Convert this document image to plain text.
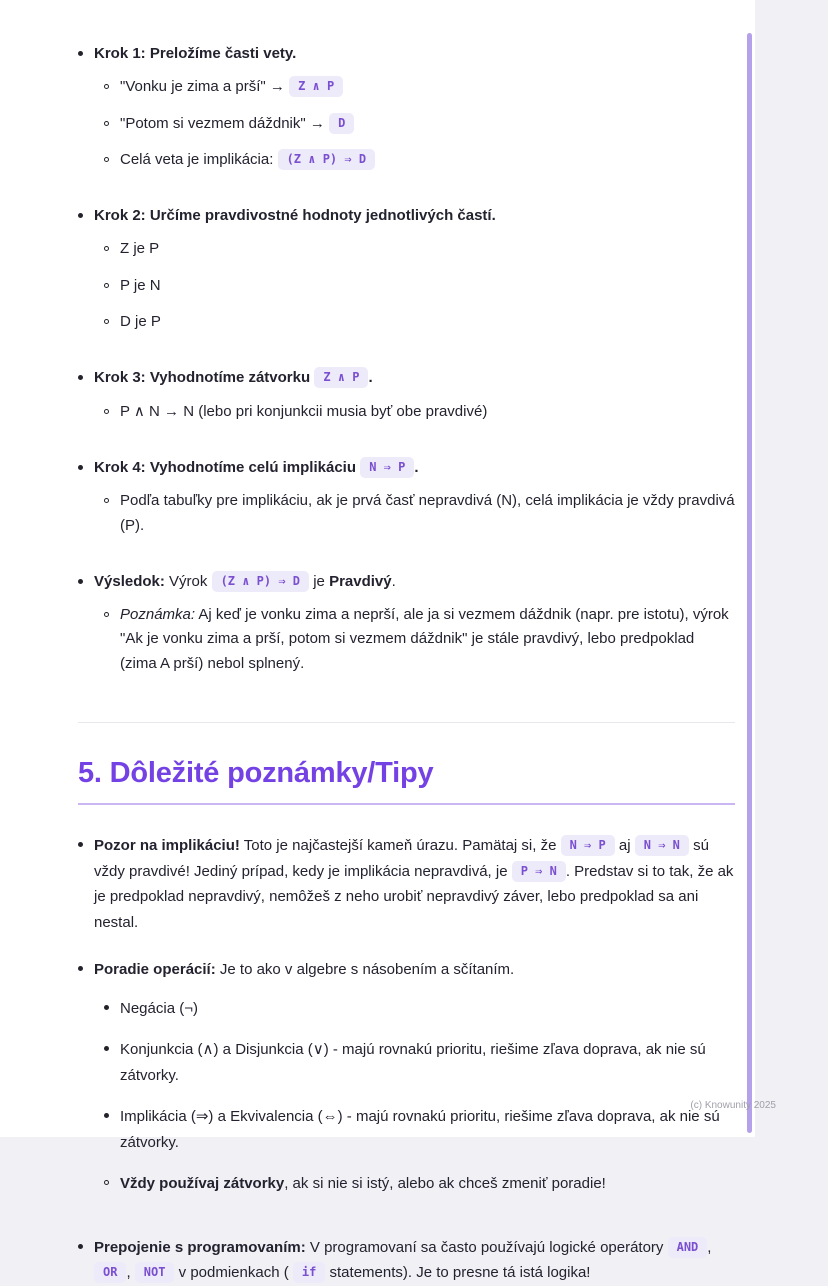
Krok 1: Preložíme časti vety.

"Vonku je zima a prší" → Z ∧ P

"Potom si vezmem dáždnik" → D

Celá veta je implikácia: (Z ∧ P) ⇒ D

Krok 2: Určíme pravdivostné hodnoty jednotlivých častí.

Z je P

P je N

D je P

Krok 3: Vyhodnotíme zátvorku Z ∧ P .

P ∧ N → N (lebo pri konjunkcii musia byť obe pravdivé)

Krok 4: Vyhodnotíme celú implikáciu N ⇒ P .

Podľa tabuľky pre implikáciu, ak je prvá časť nepravdivá (N), celá implikácia je vždy pravdivá (P).

Výsledok: Výrok (Z ∧ P) ⇒ D je Pravdivý.

Poznámka: Aj keď je vonku zima a neprší, ale ja si vezmem dáždnik (napr. pre istotu), výrok "Ak je vonku zima a prší, potom si vezmem dáždnik" je stále pravdivý, lebo predpoklad (zima A prší) nebol splnený.

5. Dôležité poznámky/Tipy

Pozor na implikáciu! Toto je najčastejší kameň úrazu. Pamätaj si, že N ⇒ P aj N ⇒ N sú vždy pravdivé! Jediný prípad, kedy je implikácia nepravdivá, je P ⇒ N . Predstav si to tak, že ak je predpoklad nepravdivý, nemôžeš z neho urobiť nepravdivý záver, lebo predpoklad sa ani nestal.

Poradie operácií: Je to ako v algebre s násobením a sčítaním.

Negácia (¬)

Konjunkcia (∧) a Disjunkcia (∨) - majú rovnakú prioritu, riešime zľava doprava, ak nie sú zátvorky.

Implikácia (⇒) a Ekvivalencia (⇔) - majú rovnakú prioritu, riešime zľava doprava, ak nie sú zátvorky.

Vždy používaj zátvorky, ak si nie si istý, alebo ak chceš zmeniť poradie!

Prepojenie s programovaním: V programovaní sa často používajú logické operátory AND , OR , NOT v podmienkach ( if statements). Je to presne tá istá logika!

(c) Knowunity 2025
